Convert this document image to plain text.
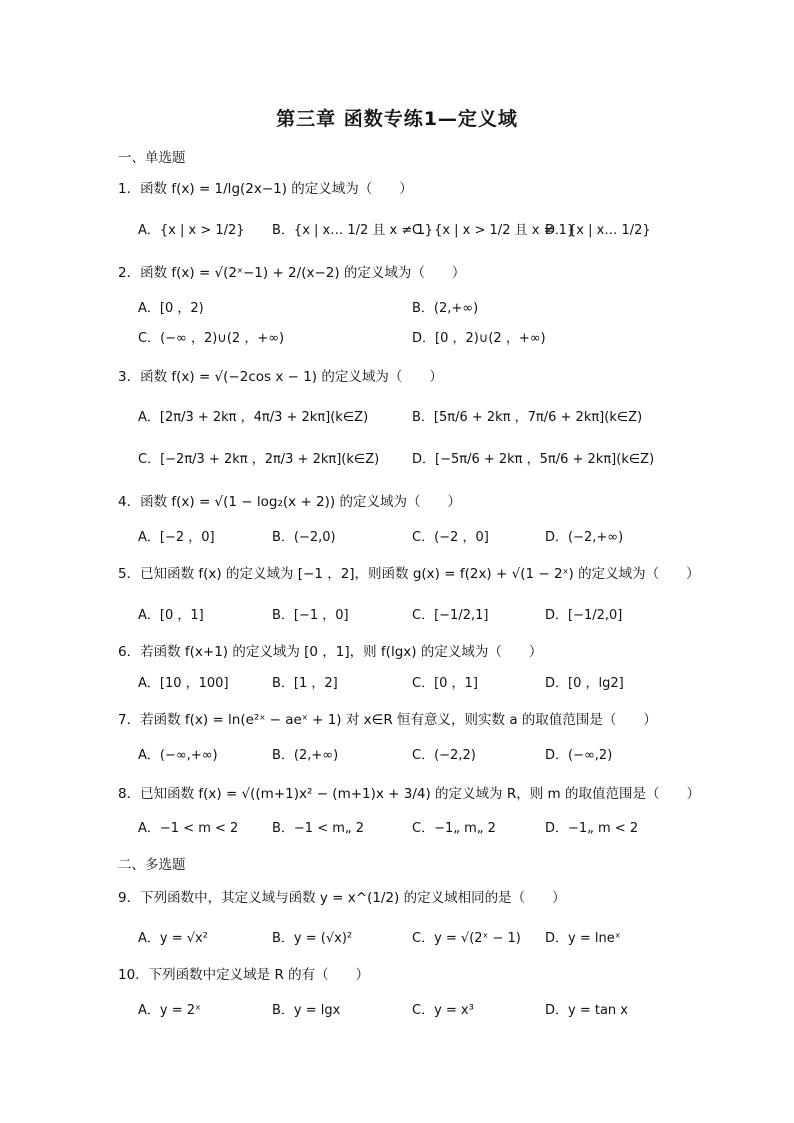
第三章 函数专练1—定义域
一、单选题
1．函数 f(x) = 1/lg(2x−1) 的定义域为（　　）
A．{x | x > 1/2} B．{x | x… 1/2 且 x ≠ 1}
C．{x | x > 1/2 且 x ≠ 1}
D．{x | x… 1/2}
2．函数 f(x) = √(2ˣ−1) + 2/(x−2) 的定义域为（　　）
A．[0 ，2)	B．(2,+∞)
C．(−∞ ，2)∪(2 ，+∞)	D．[0 ，2)∪(2 ，+∞)
3．函数 f(x) = √(−2cos x − 1) 的定义域为（　　）
A．[2π/3 + 2kπ ，4π/3 + 2kπ](k∈Z)	B．[5π/6 + 2kπ ，7π/6 + 2kπ](k∈Z)
C．[−2π/3 + 2kπ ，2π/3 + 2kπ](k∈Z)	D．[−5π/6 + 2kπ ，5π/6 + 2kπ](k∈Z)
4．函数 f(x) = √(1 − log₂(x + 2)) 的定义域为（　　）
A．[−2 ，0]	B．(−2,0)	C．(−2 ，0]	D．(−2,+∞)
5．已知函数 f(x) 的定义域为 [−1 ，2]，则函数 g(x) = f(2x) + √(1 − 2ˣ) 的定义域为（　　）
A．[0 ，1]	B．[−1 ，0]	C．[−1/2,1]	D．[−1/2,0]
6．若函数 f(x+1) 的定义域为 [0 ，1]，则 f(lgx) 的定义域为（　　）
A．[10 ，100]	B．[1 ，2]	C．[0 ，1]	D．[0 ，lg2]
7．若函数 f(x) = ln(e²ˣ − aeˣ + 1) 对 x∈R 恒有意义，则实数 a 的取值范围是（　　）
A．(−∞,+∞)	B．(2,+∞)	C．(−2,2)	D．(−∞,2)
8．已知函数 f(x) = √((m+1)x² − (m+1)x + 3/4) 的定义域为 R，则 m 的取值范围是（　　）
A．−1 < m < 2	B．−1 < m„ 2	C．−1„ m„ 2	D．−1„ m < 2
二、多选题
9．下列函数中，其定义域与函数 y = x^(1/2) 的定义域相同的是（　　）
A．y = √x²	B．y = (√x)²	C．y = √(2ˣ − 1) D．y = lneˣ
10．下列函数中定义域是 R 的有（　　）
A．y = 2ˣ	B．y = lgx	C．y = x³	D．y = tan x
